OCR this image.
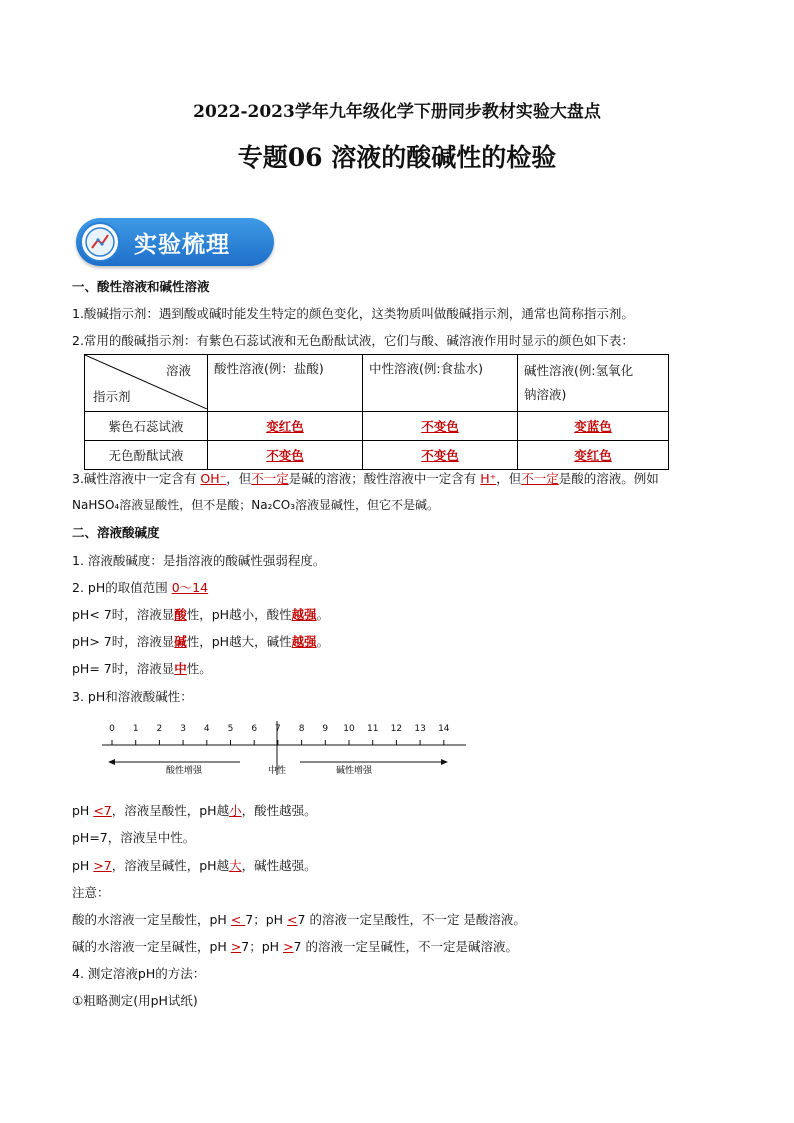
2022-2023学年九年级化学下册同步教材实验大盘点
专题06 溶液的酸碱性的检验
实验梳理
一、酸性溶液和碱性溶液
1.酸碱指示剂：遇到酸或碱时能发生特定的颜色变化，这类物质叫做酸碱指示剂，通常也简称指示剂。
2.常用的酸碱指示剂：有紫色石蕊试液和无色酚酞试液，它们与酸、碱溶液作用时显示的颜色如下表：
溶液
指示剂	酸性溶液(例：盐酸)	中性溶液(例:食盐水)	碱性溶液(例:氢氧化
钠溶液)
紫色石蕊试液	变红色	不变色	变蓝色
无色酚酞试液	不变色	不变色	变红色
3.碱性溶液中一定含有 OH⁻，但不一定是碱的溶液；酸性溶液中一定含有 H⁺，但不一定是酸的溶液。例如
NaHSO₄溶液显酸性，但不是酸；Na₂CO₃溶液显碱性，但它不是碱。
二、溶液酸碱度
1. 溶液酸碱度：是指溶液的酸碱性强弱程度。
2. pH的取值范围 0～14
pH< 7时，溶液显酸性，pH越小，酸性越强。
pH> 7时，溶液显碱性，pH越大，碱性越强。
pH= 7时，溶液显中性。
3. pH和溶液酸碱性：
0 1 2 3 4 5 6 7 8 9 10 11 12 13 14
酸性增强	中性	碱性增强
pH <7，溶液呈酸性，pH越小，酸性越强。
pH=7，溶液呈中性。
pH >7，溶液呈碱性，pH越大，碱性越强。
注意：
酸的水溶液一定呈酸性，pH < 7；pH <7 的溶液一定呈酸性，不一定 是酸溶液。
碱的水溶液一定呈碱性，pH >7；pH >7 的溶液一定呈碱性，不一定是碱溶液。
4. 测定溶液pH的方法：
①粗略测定(用pH试纸)
